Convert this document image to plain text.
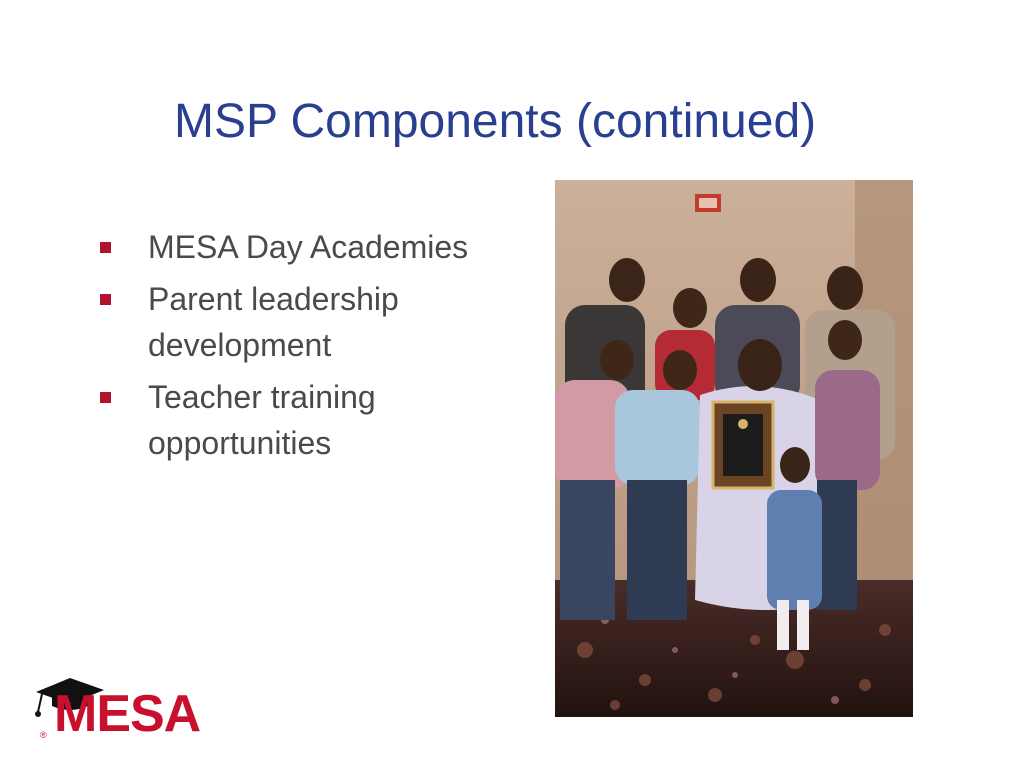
MSP Components (continued)
MESA Day Academies
Parent leadership development
Teacher training opportunities
MESA
®
